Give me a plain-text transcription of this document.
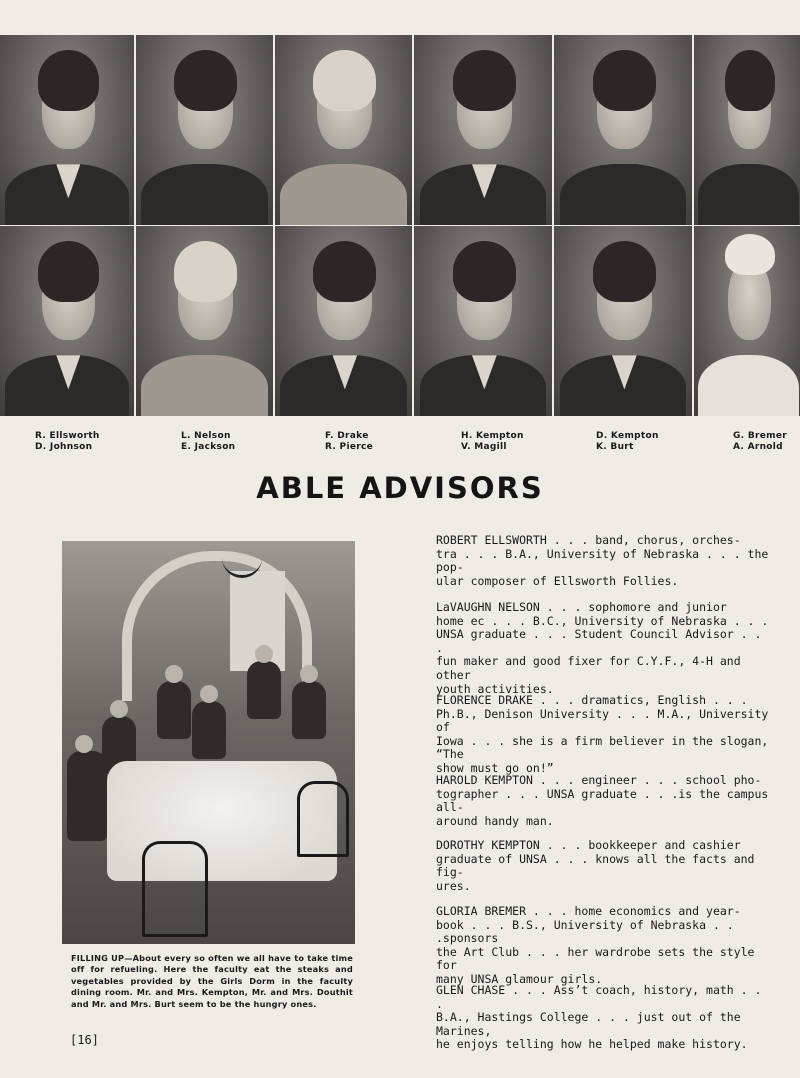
R. Ellsworth
D. Johnson
L. Nelson
E. Jackson
F. Drake
R. Pierce
H. Kempton
V. Magill
D. Kempton
K. Burt
G. Bremer
A. Arnold
ABLE ADVISORS
FILLING UP—About every so often we all have to take time off for refueling. Here the faculty eat the steaks and vegetables provided by the Girls Dorm in the faculty dining room. Mr. and Mrs. Kempton, Mr. and Mrs. Douthit and Mr. and Mrs. Burt seem to be the hungry ones.
[16]
ROBERT ELLSWORTH . . . band, chorus, orches-
tra . . . B.A., University of Nebraska . . . the pop-
ular composer of Ellsworth Follies.
LaVAUGHN NELSON . . . sophomore and junior
home ec . . . B.C., University of Nebraska . . .
UNSA graduate . . . Student Council Advisor . . .
fun maker and good fixer for C.Y.F., 4-H and other
youth activities.
FLORENCE DRAKE . . . dramatics, English . . .
Ph.B., Denison University . . . M.A., University of
Iowa . . . she is a firm believer in the slogan, “The
show must go on!”
HAROLD KEMPTON . . . engineer . . . school pho-
tographer . . . UNSA graduate . . .is the campus all-
around handy man.
DOROTHY KEMPTON . . . bookkeeper and cashier
graduate of UNSA . . . knows all the facts and fig-
ures.
GLORIA BREMER . . . home economics and year-
book . . . B.S., University of Nebraska . . .sponsors
the Art Club . . . her wardrobe sets the style for
many UNSA glamour girls.
GLEN CHASE . . . Ass’t coach, history, math . . .
B.A., Hastings College . . . just out of the Marines,
he enjoys telling how he helped make history.
